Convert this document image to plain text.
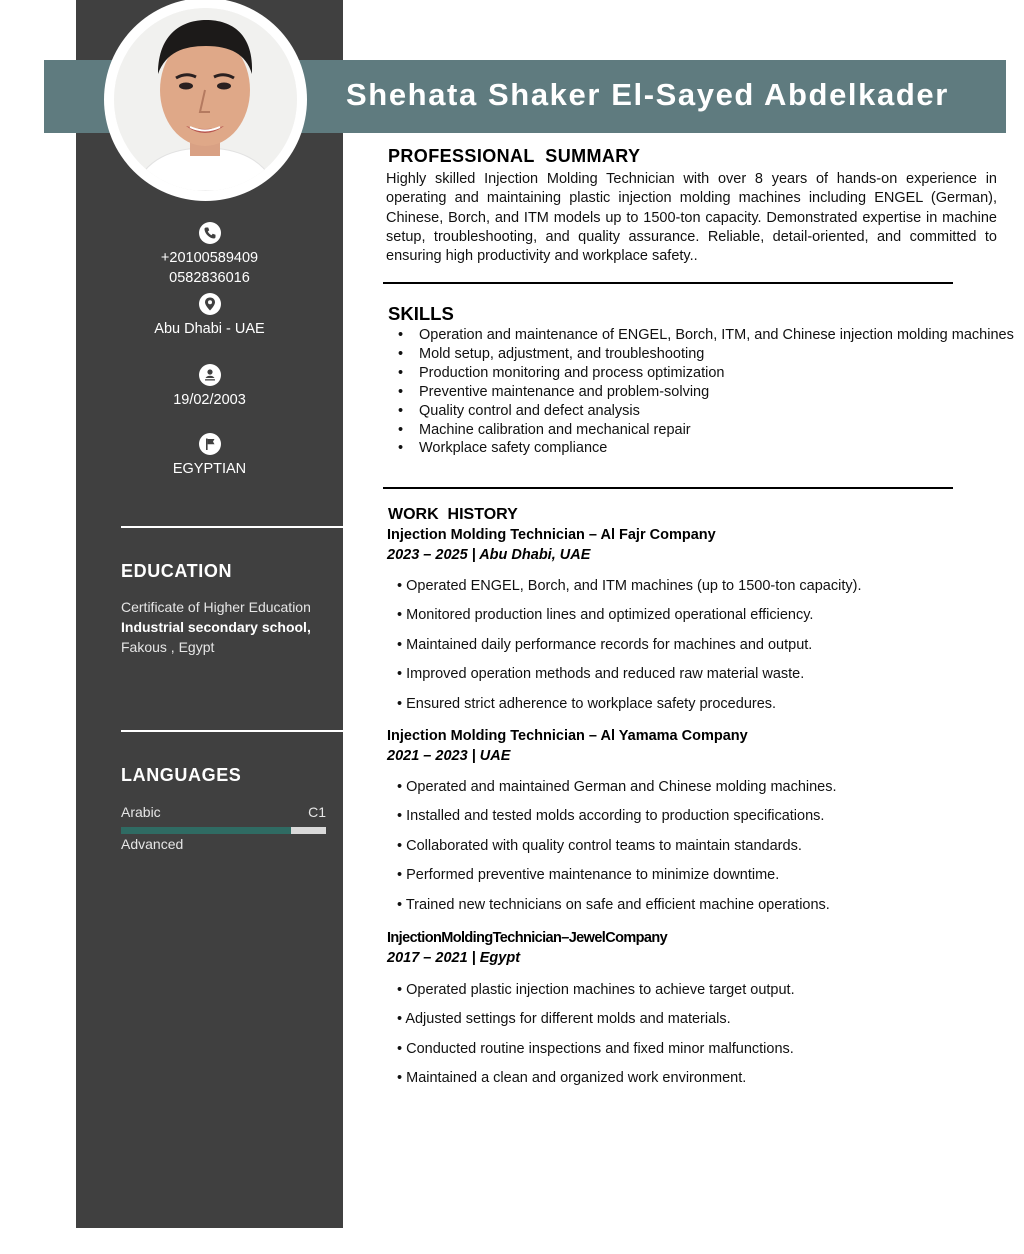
Shehata Shaker El-Sayed Abdelkader
+20100589409
0582836016
Abu Dhabi - UAE
19/02/2003
EGYPTIAN
EDUCATION
Certificate of Higher Education
Industrial secondary school,
Fakous , Egypt
LANGUAGES
Arabic	C1
Advanced
PROFESSIONAL  SUMMARY
Highly skilled Injection Molding Technician with over 8 years of hands-on experience in operating and maintaining plastic injection molding machines including ENGEL (German), Chinese, Borch, and ITM models up to 1500-ton capacity. Demonstrated expertise in machine setup, troubleshooting, and quality assurance. Reliable, detail-oriented, and committed to ensuring high productivity and workplace safety..
SKILLS
• Operation and maintenance of ENGEL, Borch, ITM, and Chinese injection molding machines
• Mold setup, adjustment, and troubleshooting
• Production monitoring and process optimization
• Preventive maintenance and problem-solving
• Quality control and defect analysis
• Machine calibration and mechanical repair
• Workplace safety compliance
WORK  HISTORY
Injection Molding Technician – Al Fajr Company
2023 – 2025 | Abu Dhabi, UAE
• Operated ENGEL, Borch, and ITM machines (up to 1500-ton capacity).
• Monitored production lines and optimized operational efficiency.
• Maintained daily performance records for machines and output.
• Improved operation methods and reduced raw material waste.
• Ensured strict adherence to workplace safety procedures.
Injection Molding Technician – Al Yamama Company
2021 – 2023 | UAE
• Operated and maintained German and Chinese molding machines.
• Installed and tested molds according to production specifications.
• Collaborated with quality control teams to maintain standards.
• Performed preventive maintenance to minimize downtime.
• Trained new technicians on safe and efficient machine operations.
InjectionMoldingTechnician–JewelCompany
2017 – 2021 | Egypt
• Operated plastic injection machines to achieve target output.
• Adjusted settings for different molds and materials.
• Conducted routine inspections and fixed minor malfunctions.
• Maintained a clean and organized work environment.
